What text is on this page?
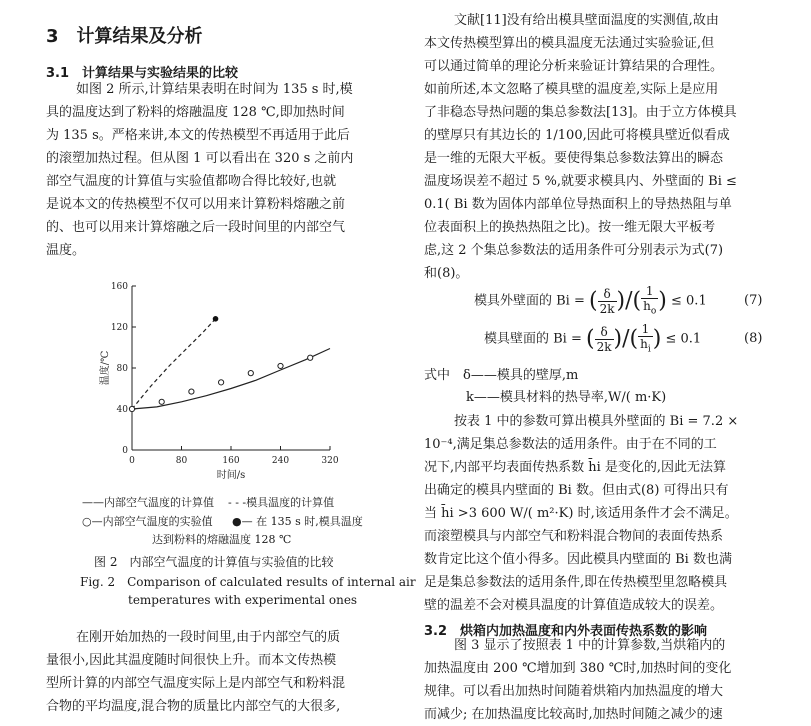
3　计算结果及分析
3.1　计算结果与实验结果的比较
如图 2 所示,计算结果表明在时间为 135 s 时,模
具的温度达到了粉料的熔融温度 128 ℃,即加热时间
为 135 s。严格来讲,本文的传热模型不再适用于此后
的滚塑加热过程。但从图 1 可以看出在 320 s 之前内
部空气温度的计算值与实验值都吻合得比较好,也就
是说本文的传热模型不仅可以用来计算粉料熔融之前
的、也可以用来计算熔融之后一段时间里的内部空气
温度。
0
40
80
120
160
0	80	160	240	320
时间/s
温度/℃
——内部空气温度的计算值 - - -模具温度的计算值
○—内部空气温度的实验值 ●— 在 135 s 时,模具温度
达到粉料的熔融温度 128 ℃
图 2　内部空气温度的计算值与实验值的比较
Fig. 2　Comparison of calculated results of internal air
temperatures with experimental ones
在刚开始加热的一段时间里,由于内部空气的质
量很小,因此其温度随时间很快上升。而本文传热模
型所计算的内部空气温度实际上是内部空气和粉料混
合物的平均温度,混合物的质量比内部空气的大很多,
文献[11]没有给出模具壁面温度的实测值,故由
本文传热模型算出的模具温度无法通过实验验证,但
可以通过简单的理论分析来验证计算结果的合理性。
如前所述,本文忽略了模具壁的温度差,实际上是应用
了非稳态导热问题的集总参数法[13]。由于立方体模具
的壁厚只有其边长的 1/100,因此可将模具壁近似看成
是一维的无限大平板。要使得集总参数法算出的瞬态
温度场误差不超过 5 %,就要求模具内、外壁面的 Bi ≤
0.1( Bi 数为固体内部单位导热面积上的导热热阻与单
位表面积上的换热热阻之比)。按一维无限大平板考
虑,这 2 个集总参数法的适用条件可分别表示为式(7)
和(8)。
模具外壁面的 Bi = ( $\frac{\delta}{2k}$ )/( $\frac{1}{h_o}$ ) ≤ 0.1	(7)
模具壁面的 Bi = ( $\frac{\delta}{2k}$ )/( $\frac{1}{h_i}$ ) ≤ 0.1	(8)
式中　δ——模具的壁厚,m
k——模具材料的热导率,W/( m·K)
按表 1 中的参数可算出模具外壁面的 Bi = 7.2 ×
10⁻⁴,满足集总参数法的适用条件。由于在不同的工
况下,内部平均表面传热系数 h̄i 是变化的,因此无法算
出确定的模具内壁面的 Bi 数。但由式(8) 可得出只有
当 h̄i >3 600 W/( m²·K) 时,该适用条件才会不满足。
而滚塑模具与内部空气和粉料混合物间的表面传热系
数肯定比这个值小得多。因此模具内壁面的 Bi 数也满
足是集总参数法的适用条件,即在传热模型里忽略模具
壁的温差不会对模具温度的计算值造成较大的误差。
3.2　烘箱内加热温度和内外表面传热系数的影响
图 3 显示了按照表 1 中的计算参数,当烘箱内的
加热温度由 200 ℃增加到 380 ℃时,加热时间的变化
规律。可以看出加热时间随着烘箱内加热温度的增大
而减少; 在加热温度比较高时,加热时间随之减少的速
